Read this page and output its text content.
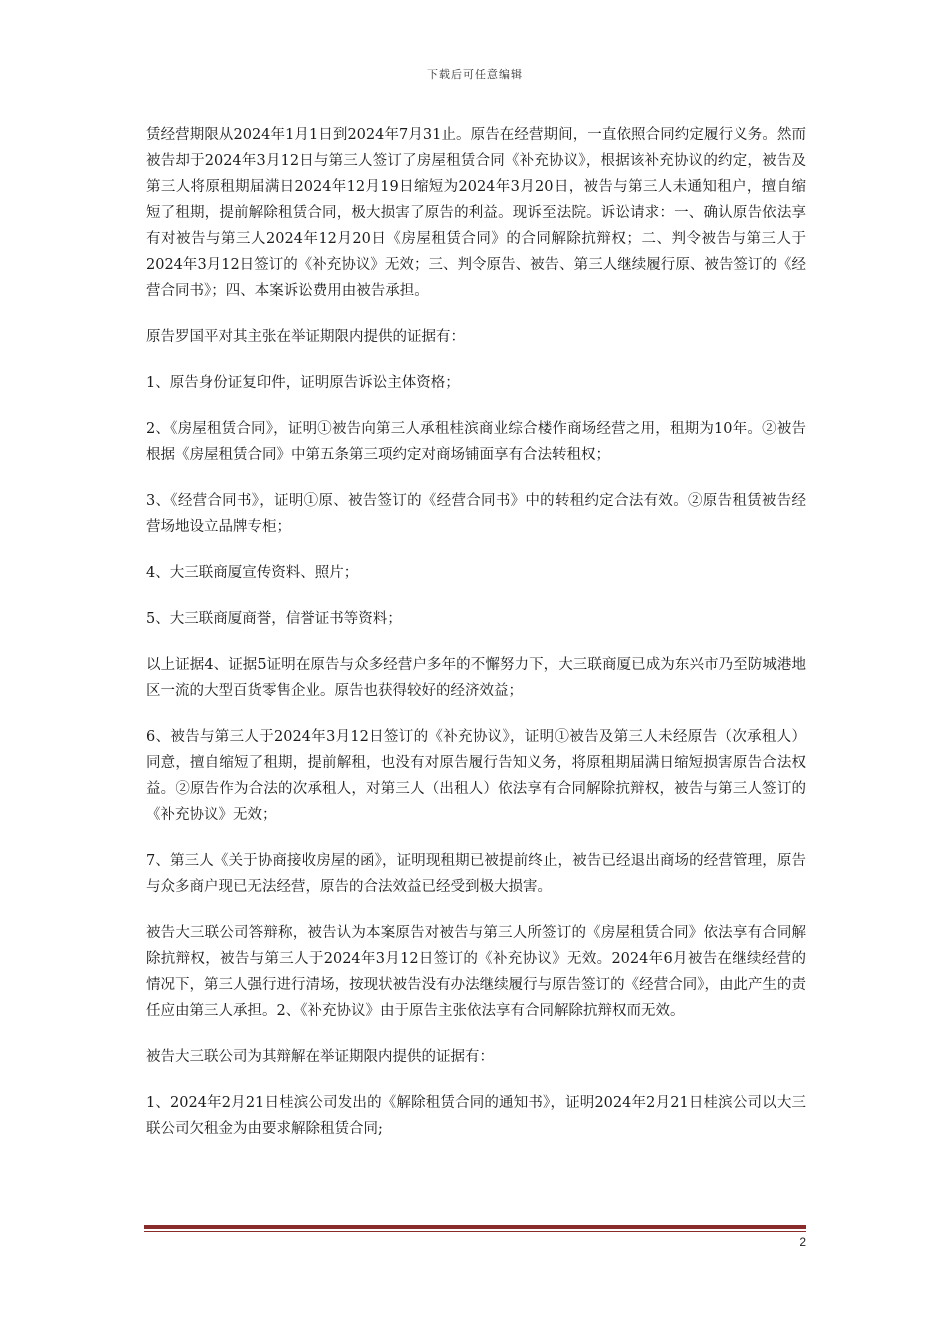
下载后可任意编辑

赁经营期限从2024年1月1日到2024年7月31止。原告在经营期间，一直依照合同约定履行义务。然而被告却于2024年3月12日与第三人签订了房屋租赁合同《补充协议》，根据该补充协议的约定，被告及第三人将原租期届满日2024年12月19日缩短为2024年3月20日，被告与第三人未通知租户，擅自缩短了租期，提前解除租赁合同，极大损害了原告的利益。现诉至法院。诉讼请求：一、确认原告依法享有对被告与第三人2024年12月20日《房屋租赁合同》的合同解除抗辩权；二、判令被告与第三人于2024年3月12日签订的《补充协议》无效；三、判令原告、被告、第三人继续履行原、被告签订的《经营合同书》；四、本案诉讼费用由被告承担。

原告罗国平对其主张在举证期限内提供的证据有：

1、原告身份证复印件，证明原告诉讼主体资格；

2、《房屋租赁合同》，证明①被告向第三人承租桂滨商业综合楼作商场经营之用，租期为10年。②被告根据《房屋租赁合同》中第五条第三项约定对商场铺面享有合法转租权；

3、《经营合同书》，证明①原、被告签订的《经营合同书》中的转租约定合法有效。②原告租赁被告经营场地设立品牌专柜；

4、大三联商厦宣传资料、照片；

5、大三联商厦商誉，信誉证书等资料；

以上证据4、证据5证明在原告与众多经营户多年的不懈努力下，大三联商厦已成为东兴市乃至防城港地区一流的大型百货零售企业。原告也获得较好的经济效益；

6、被告与第三人于2024年3月12日签订的《补充协议》，证明①被告及第三人未经原告（次承租人）同意，擅自缩短了租期，提前解租，也没有对原告履行告知义务，将原租期届满日缩短损害原告合法权益。②原告作为合法的次承租人，对第三人（出租人）依法享有合同解除抗辩权，被告与第三人签订的《补充协议》无效；

7、第三人《关于协商接收房屋的函》，证明现租期已被提前终止，被告已经退出商场的经营管理，原告与众多商户现已无法经营，原告的合法效益已经受到极大损害。

被告大三联公司答辩称，被告认为本案原告对被告与第三人所签订的《房屋租赁合同》依法享有合同解除抗辩权，被告与第三人于2024年3月12日签订的《补充协议》无效。2024年6月被告在继续经营的情况下，第三人强行进行清场，按现状被告没有办法继续履行与原告签订的《经营合同》，由此产生的责任应由第三人承担。2、《补充协议》由于原告主张依法享有合同解除抗辩权而无效。

被告大三联公司为其辩解在举证期限内提供的证据有：

1、2024年2月21日桂滨公司发出的《解除租赁合同的通知书》，证明2024年2月21日桂滨公司以大三联公司欠租金为由要求解除租赁合同;

2
